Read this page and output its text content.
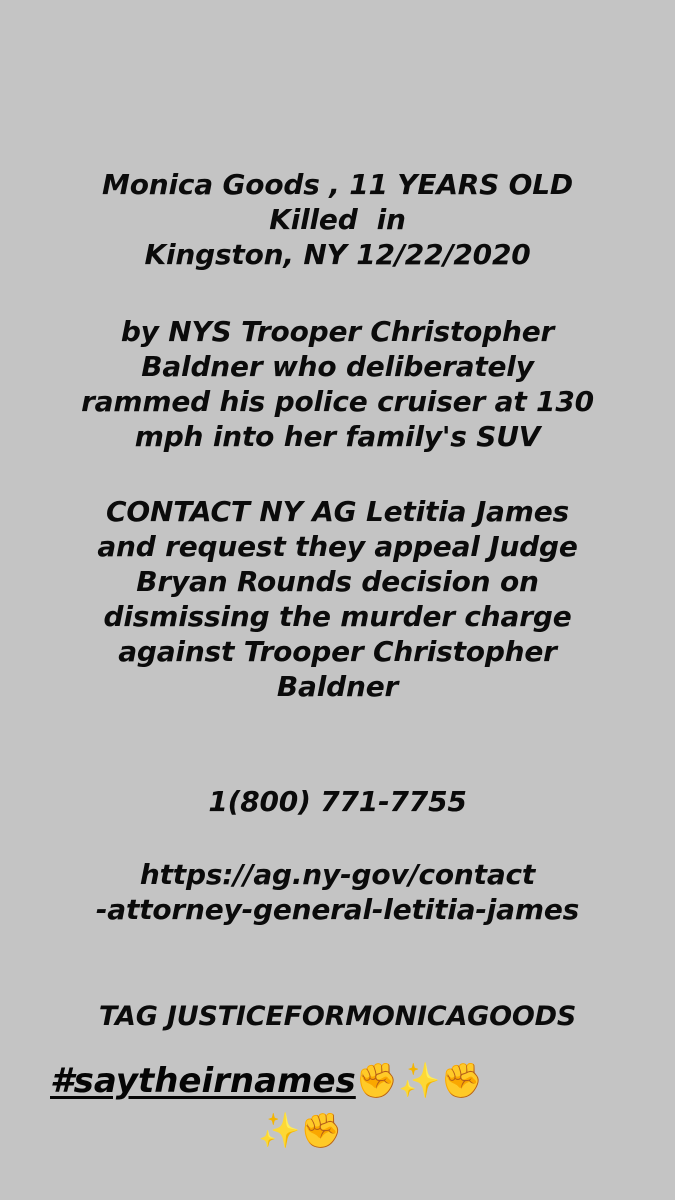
Monica Goods , 11 YEARS OLD
Killed  in
Kingston, NY 12/22/2020
by NYS Trooper Christopher
Baldner who deliberately
rammed his police cruiser at 130
mph into her family's SUV
CONTACT NY AG Letitia James
and request they appeal Judge
Bryan Rounds decision on
dismissing the murder charge
against Trooper Christopher
Baldner
1(800) 771-7755
https://ag.ny-gov/contact
-attorney-general-letitia-james
TAG JUSTICEFORMONICAGOODS
#saytheirnames✊✨✊
✨✊
